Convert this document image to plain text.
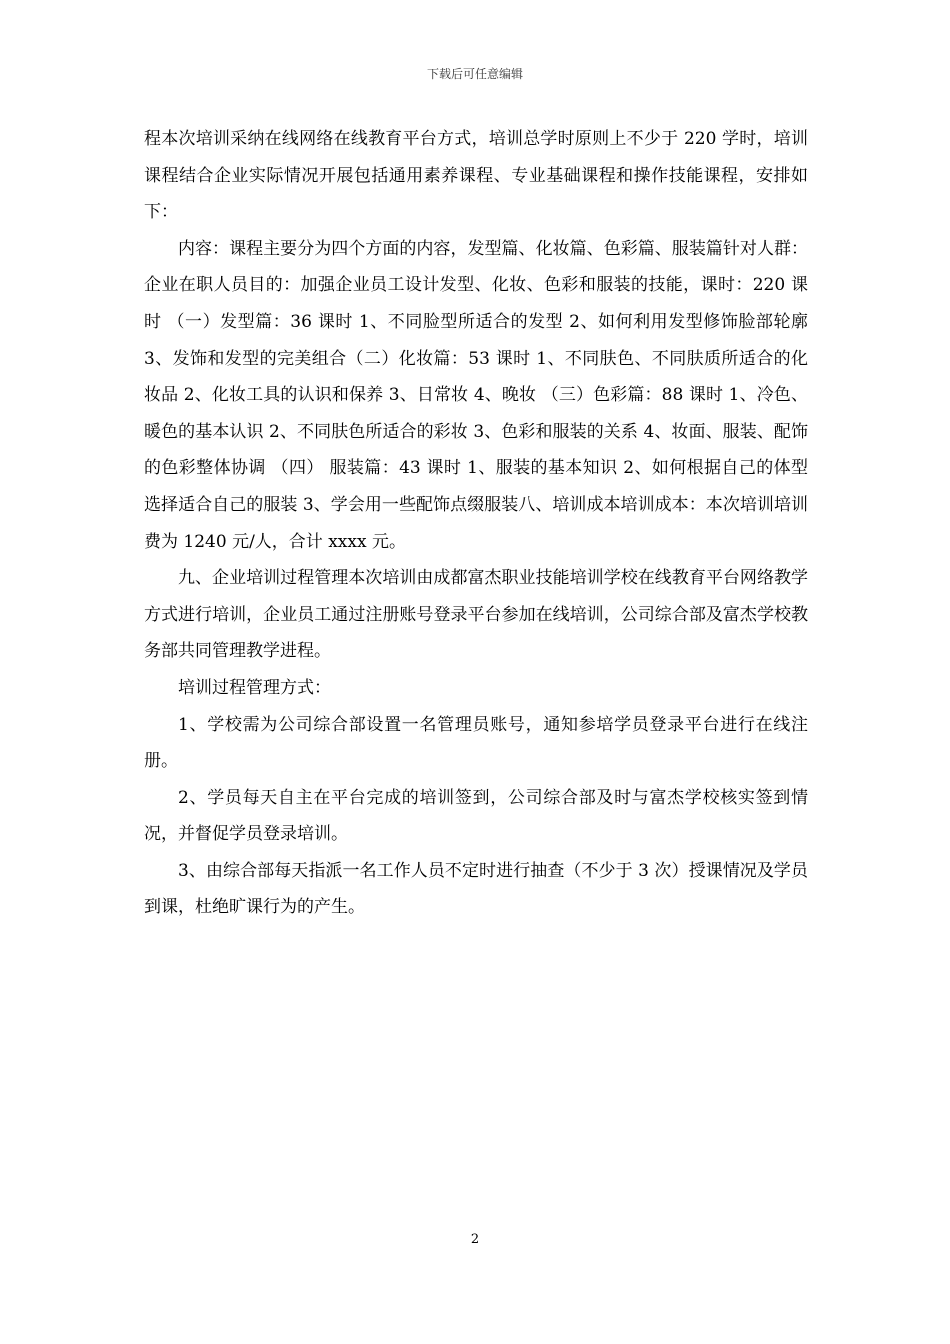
下载后可任意编辑

程本次培训采纳在线网络在线教育平台方式，培训总学时原则上不少于 220 学时，培训课程结合企业实际情况开展包括通用素养课程、专业基础课程和操作技能课程，安排如下：

内容：课程主要分为四个方面的内容，发型篇、化妆篇、色彩篇、服装篇针对人群：企业在职人员目的：加强企业员工设计发型、化妆、色彩和服装的技能，课时：220 课时 （一）发型篇：36 课时 1、不同脸型所适合的发型 2、如何利用发型修饰脸部轮廓 3、发饰和发型的完美组合（二）化妆篇：53 课时 1、不同肤色、不同肤质所适合的化妆品 2、化妆工具的认识和保养 3、日常妆 4、晚妆 （三）色彩篇：88 课时 1、冷色、暖色的基本认识 2、不同肤色所适合的彩妆 3、色彩和服装的关系 4、妆面、服装、配饰的色彩整体协调 （四） 服装篇：43 课时 1、服装的基本知识 2、如何根据自己的体型选择适合自己的服装 3、学会用一些配饰点缀服装八、培训成本培训成本：本次培训培训费为 1240 元/人，合计 xxxx 元。

九、企业培训过程管理本次培训由成都富杰职业技能培训学校在线教育平台网络教学方式进行培训，企业员工通过注册账号登录平台参加在线培训，公司综合部及富杰学校教务部共同管理教学进程。

培训过程管理方式：

1、学校需为公司综合部设置一名管理员账号，通知参培学员登录平台进行在线注册。

2、学员每天自主在平台完成的培训签到，公司综合部及时与富杰学校核实签到情况，并督促学员登录培训。

3、由综合部每天指派一名工作人员不定时进行抽查（不少于 3 次）授课情况及学员到课，杜绝旷课行为的产生。

2
